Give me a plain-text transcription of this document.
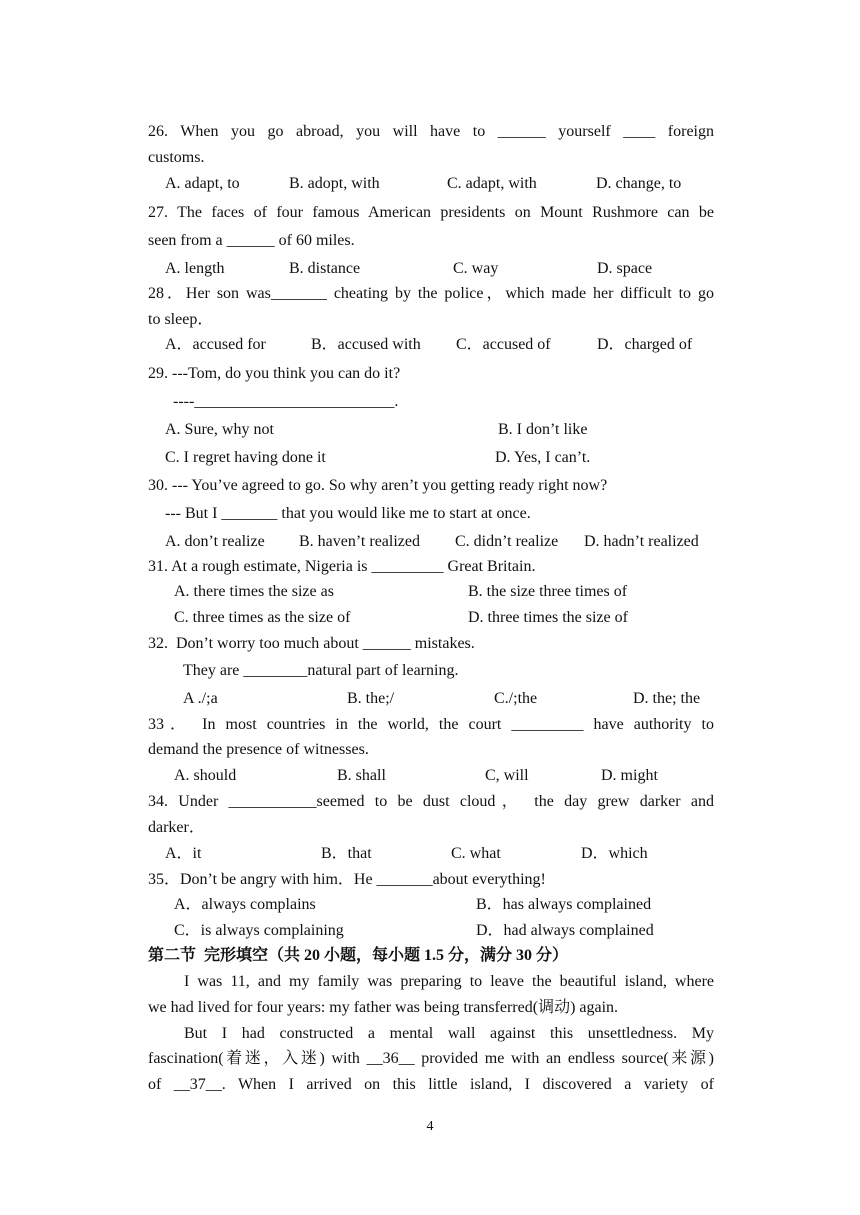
26. When you go abroad, you will have to ______ yourself ____ foreign
customs.
A. adapt, to	B. adopt, with	C. adapt, with	D. change, to
27. The faces of four famous American presidents on Mount Rushmore can be
seen from a ______ of 60 miles.
A. length	B. distance	C. way	D. space
28．Her son was_______ cheating by the police，which made her difficult to go
to sleep．
A．accused for	B．accused with C．accused of	D．charged of
29. ---Tom, do you think you can do it?
----_________________________.
A. Sure, why not	B. I don’t like
C. I regret having done it	D. Yes, I can’t.
30. --- You’ve agreed to go. So why aren’t you getting ready right now?
--- But I _______ that you would like me to start at once.
A. don’t realize B. haven’t realized C. didn’t realize D. hadn’t realized
31. At a rough estimate, Nigeria is _________ Great Britain.
A. there times the size as	B. the size three times of
C. three times as the size of	D. three times the size of
32.  Don’t worry too much about ______ mistakes.
They are ________natural part of learning.
A ./;a	B. the;/	C./;the	D. the; the
33． In most countries in the world, the court _________ have authority to
demand the presence of witnesses.
A. should	B. shall	C, will	D. might
34. Under ___________seemed to be dust cloud， the day grew darker and
darker．
A．it	B．that	C. what	D．which
35．Don’t be angry with him．He _______about everything!
A．always complains	B．has always complained
C．is always complaining	D．had always complained
第二节  完形填空（共 20 小题，每小题 1.5 分，满分 30 分）
I was 11, and my family was preparing to leave the beautiful island, where
we had lived for four years: my father was being transferred(调动) again.
But I had constructed a mental wall against this unsettledness. My
fascination(着迷，入迷) with __36__ provided me with an endless source(来源)
of __37__. When I arrived on this little island, I discovered a variety of
4
